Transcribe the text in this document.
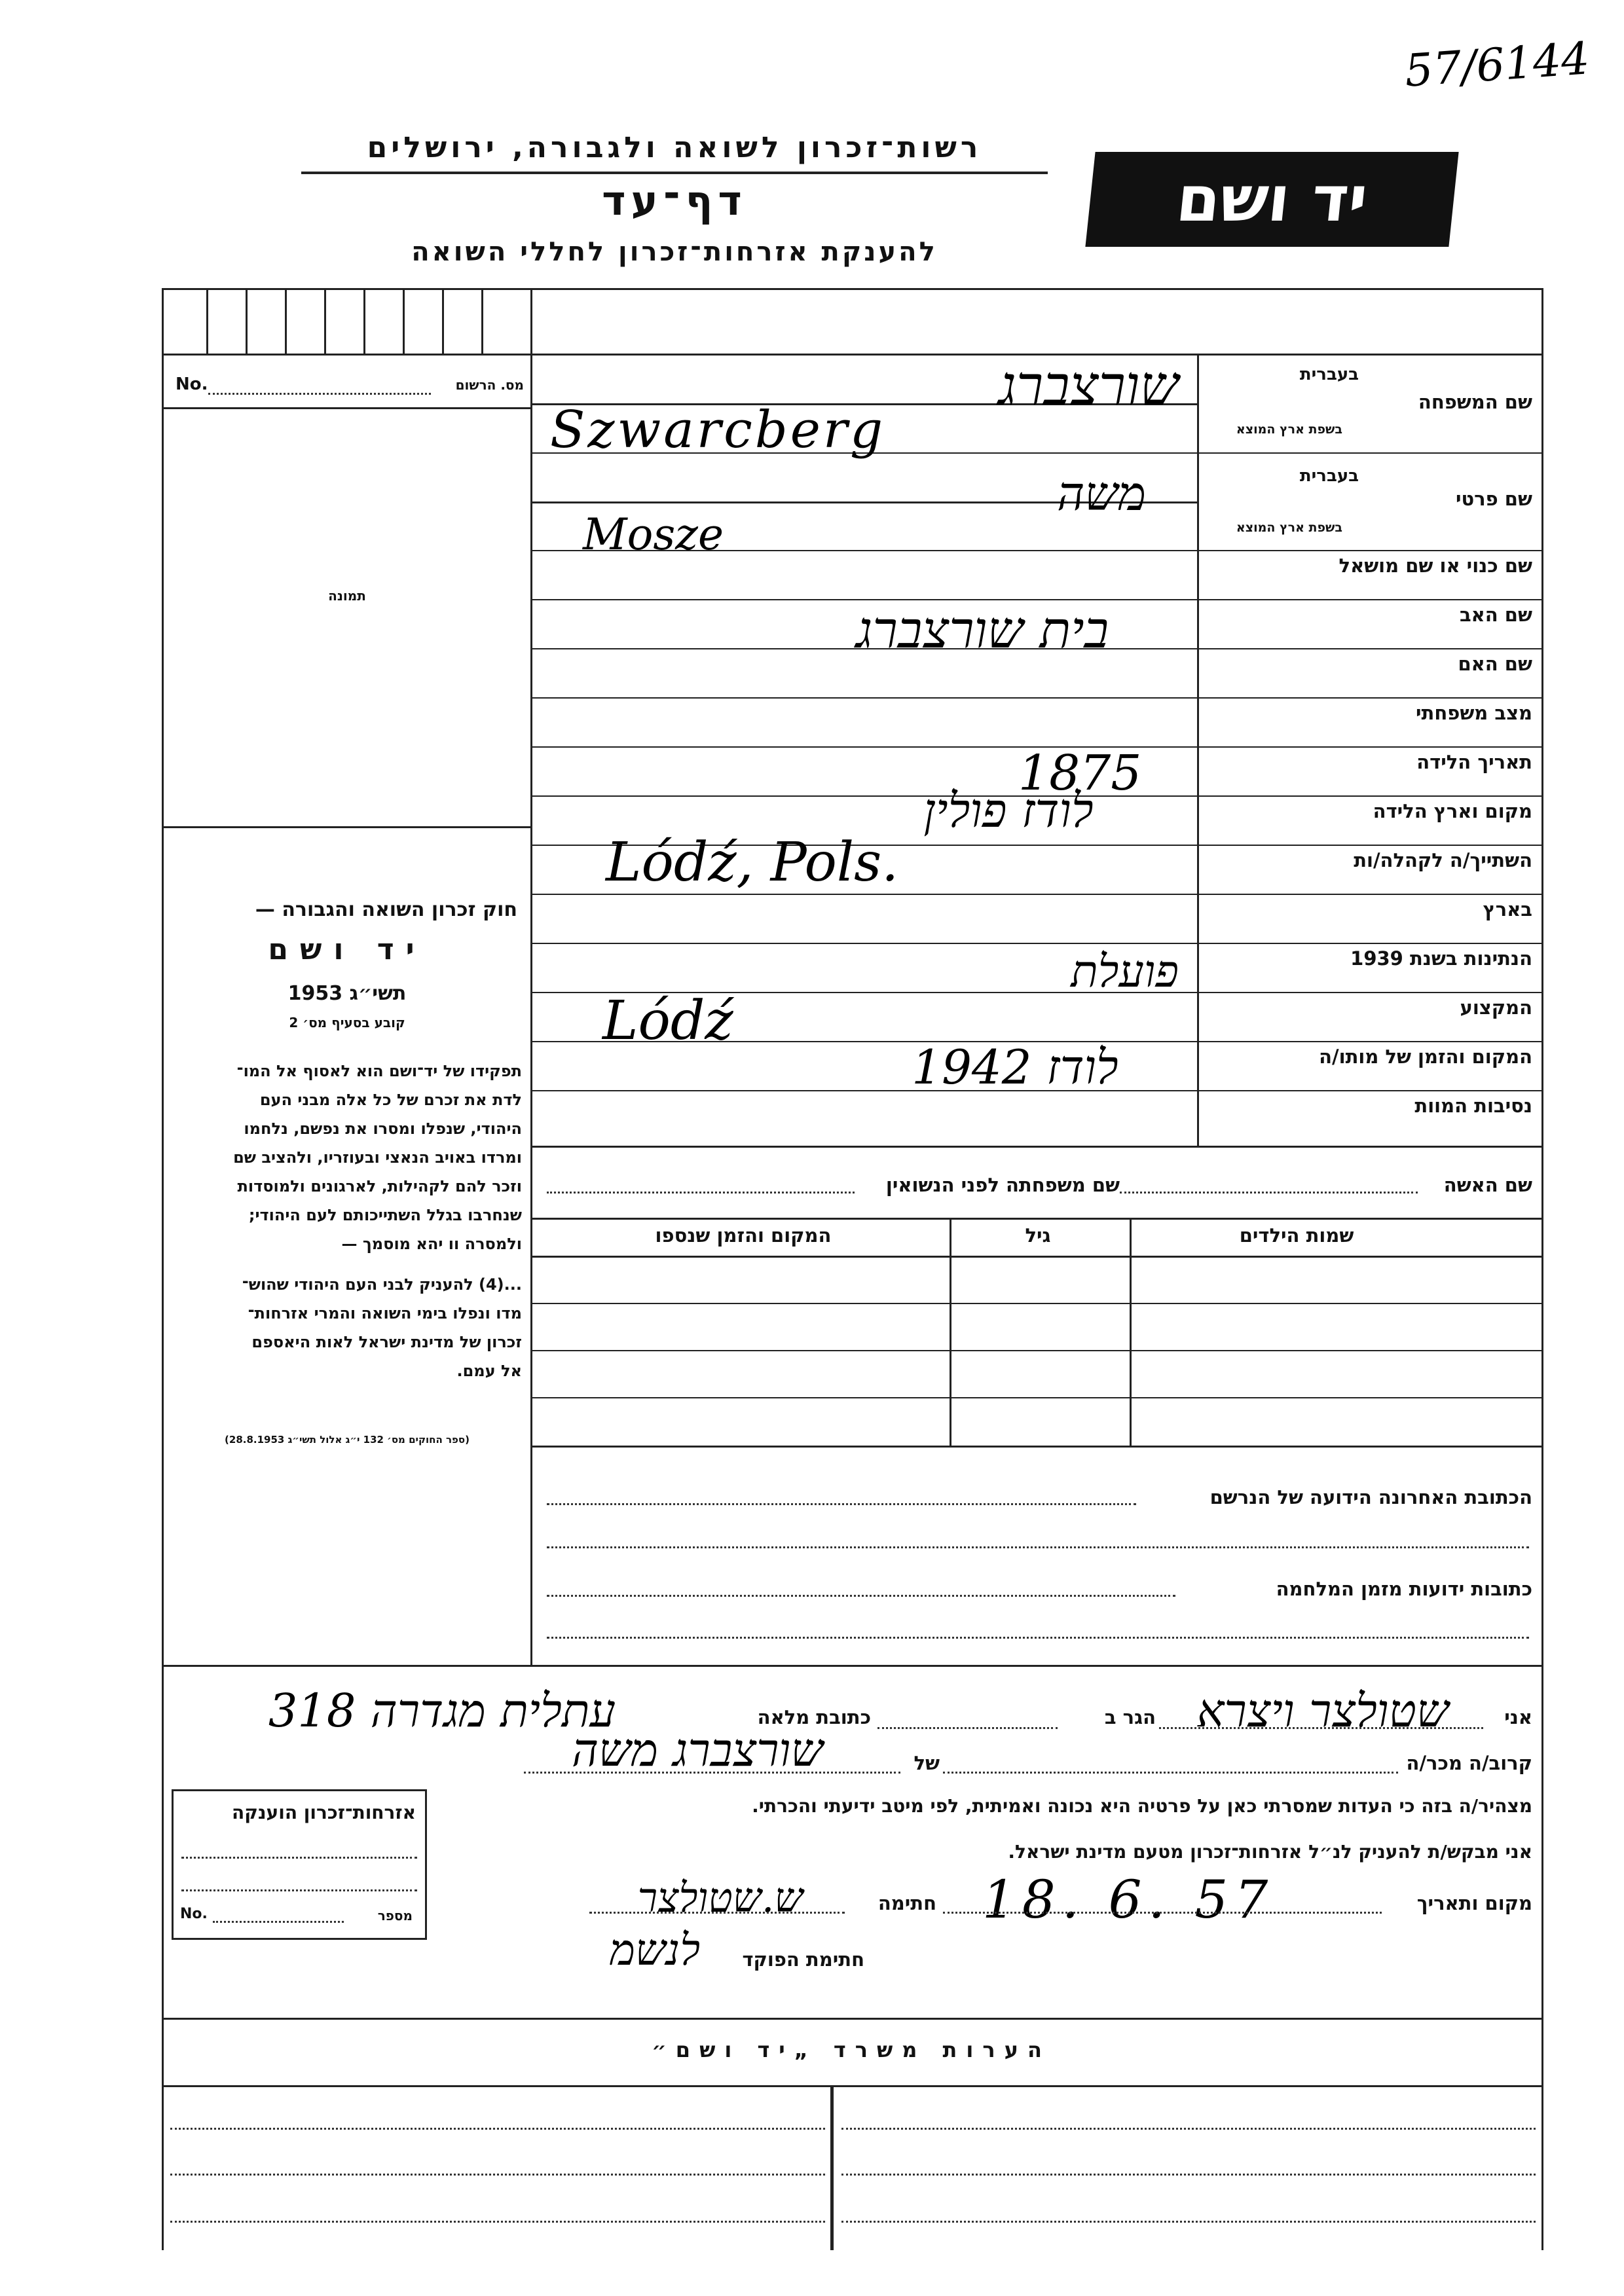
57/6144
רשות־זכרון לשואה ולגבורה, ירושלים
דף־עד
להענקת אזרחות־זכרון לחללי השואה
יד ושם
No.	מס. הרשום
תמונה
חוק זכרון השואה והגבורה —
יד ושם
תשי״ג 1953
קובע בסעיף מס׳ 2
תפקידו של יד־ושם הוא לאסוף אל המו־
לדת את זכרם של כל אלה מבני העם
היהודי, שנפלו ומסרו את נפשם, נלחמו
ומרדו באויב הנאצי ובעוזריו, ולהציב שם
וזכר להם לקהילות, לארגונים ולמוסדות
שנחרבו בגלל השתייכותם לעם היהודי;
ולמסרה וו יהא מוסמך —
...(4) להעניק לבני העם היהודי שהוש־
מדו ונפלו בימי השואה והמרי אזרחות־
זכרון של מדינת ישראל לאות היאספם
אל עמם.
(ספר החוקים מס׳ 132 י״ג אלול תשי״ג 28.8.1953)
שם המשפחה
בעברית
בשפת ארץ המוצא
שם פרטי
בעברית
בשפת ארץ המוצא
שם כנוי או שם מושאל
שם האב
שם האם
מצב משפחתי
תאריך הלידה
מקום וארץ הלידה
השתייך/ה לקהלה/ות
בארץ
הנתינות בשנת 1939
המקצוע
המקום והזמן של מותו/ה
נסיבות המוות
שורצברג
Szwarcberg
משה
Mosze
בית שורצברג
1875
לודז פולין
Lódź, Pols.
פועלת
Lódź
לודז 1942
שם האשה
שם משפחתה לפני הנשואין
שמות הילדים
גיל
המקום והזמן שנספו
הכתובת האחרונה הידועה של הנרשם
כתובות ידועות מזמן המלחמה
אני
שטולצר ויצרא
הגר ב
כתובת מלאה
עתלית מגדרה 318
קרוב/ה מכר/ה
של
שורצברג משה
מצהיר/ה בזה כי העדות שמסרתי כאן על פרטיה היא נכונה ואמיתית, לפי מיטב ידיעתי והכרתי.
אני מבקש/ת להעניק לנ״ל אזרחות־זכרון מטעם מדינת ישראל.
מקום ותאריך
18. 6. 57
חתימה
ש.שטולצר
חתימת הפוקד
לנשמ
אזרחות־זכרון הוענקה
No.	מספר
הערות משרד „יד ושם״
